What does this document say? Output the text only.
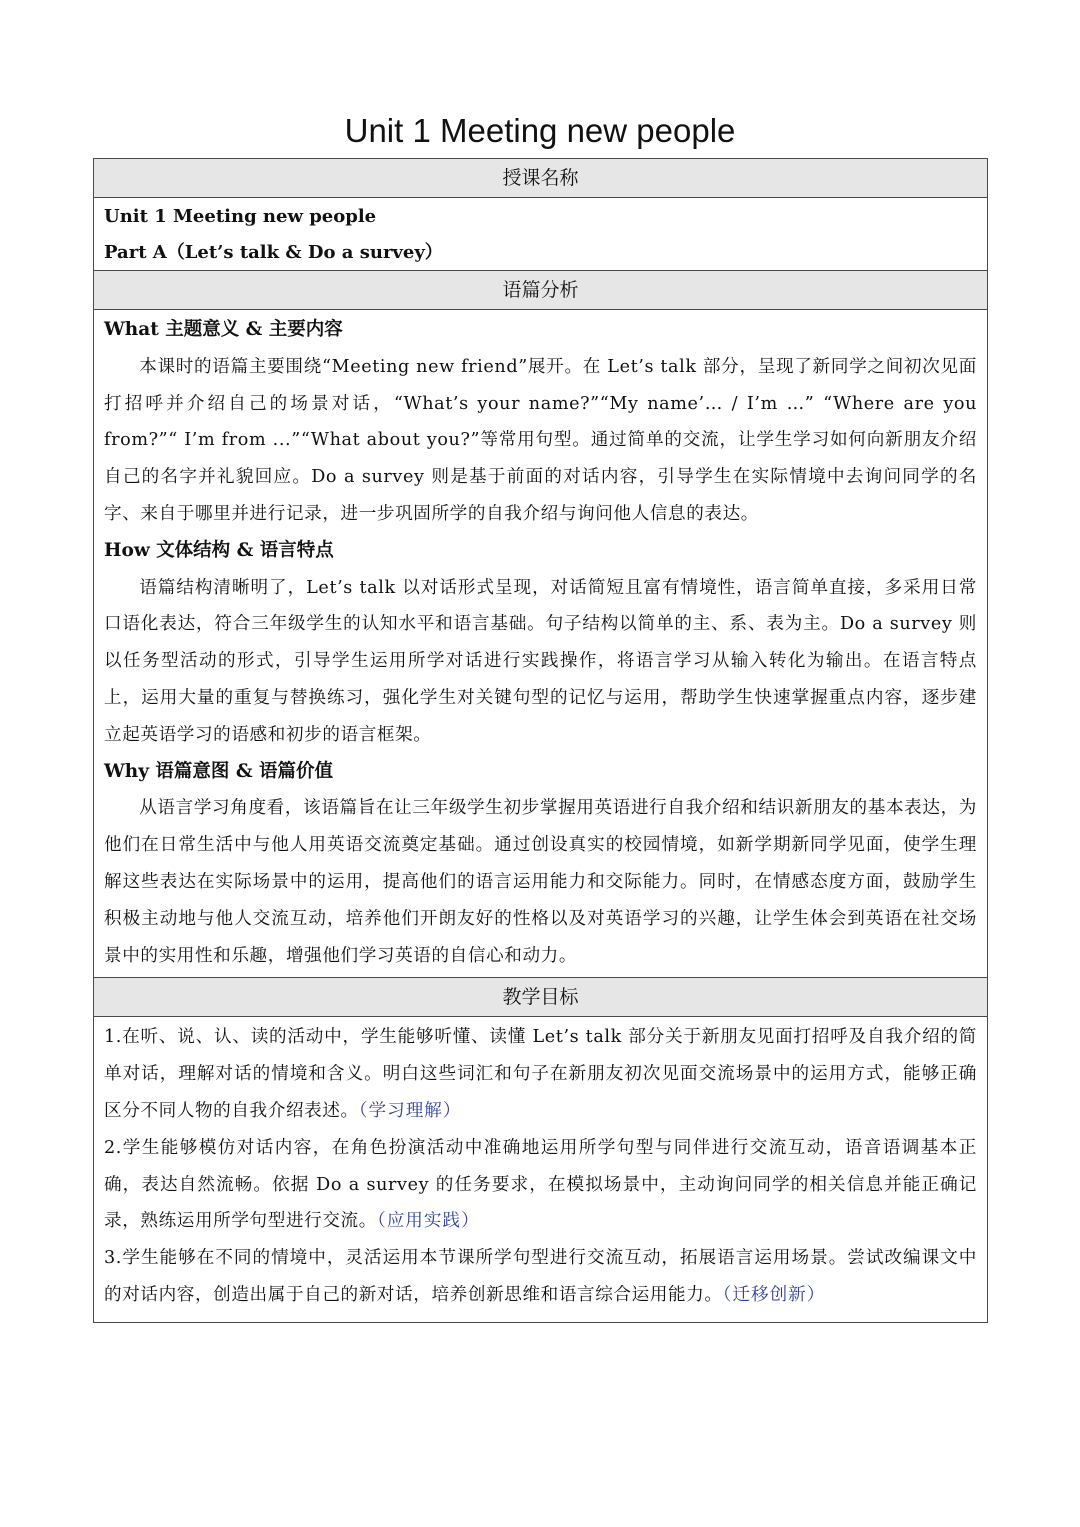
Unit 1 Meeting new people
授课名称

Unit 1 Meeting new people

Part A（Let’s talk & Do a survey）

语篇分析

What 主题意义 & 主要内容

本课时的语篇主要围绕“Meeting new friend”展开。在 Let’s talk 部分，呈现了新同学之间初次见面打招呼并介绍自己的场景对话，“What’s your name?”“My name’… / I’m …” “Where are you from?”“ I’m from ...”“What about you?”等常用句型。通过简单的交流，让学生学习如何向新朋友介绍自己的名字并礼貌回应。Do a survey 则是基于前面的对话内容，引导学生在实际情境中去询问同学的名字、来自于哪里并进行记录，进一步巩固所学的自我介绍与询问他人信息的表达。

How 文体结构 & 语言特点

语篇结构清晰明了，Let’s talk 以对话形式呈现，对话简短且富有情境性，语言简单直接，多采用日常口语化表达，符合三年级学生的认知水平和语言基础。句子结构以简单的主、系、表为主。Do a survey 则以任务型活动的形式，引导学生运用所学对话进行实践操作，将语言学习从输入转化为输出。在语言特点上，运用大量的重复与替换练习，强化学生对关键句型的记忆与运用，帮助学生快速掌握重点内容，逐步建立起英语学习的语感和初步的语言框架。

Why 语篇意图 & 语篇价值

从语言学习角度看，该语篇旨在让三年级学生初步掌握用英语进行自我介绍和结识新朋友的基本表达，为他们在日常生活中与他人用英语交流奠定基础。通过创设真实的校园情境，如新学期新同学见面，使学生理解这些表达在实际场景中的运用，提高他们的语言运用能力和交际能力。同时，在情感态度方面，鼓励学生积极主动地与他人交流互动，培养他们开朗友好的性格以及对英语学习的兴趣，让学生体会到英语在社交场景中的实用性和乐趣，增强他们学习英语的自信心和动力。

教学目标

1.在听、说、认、读的活动中，学生能够听懂、读懂 Let’s talk 部分关于新朋友见面打招呼及自我介绍的简单对话，理解对话的情境和含义。明白这些词汇和句子在新朋友初次见面交流场景中的运用方式，能够正确区分不同人物的自我介绍表述。（学习理解）

2.学生能够模仿对话内容，在角色扮演活动中准确地运用所学句型与同伴进行交流互动，语音语调基本正确，表达自然流畅。依据 Do a survey 的任务要求，在模拟场景中，主动询问同学的相关信息并能正确记录，熟练运用所学句型进行交流。（应用实践）

3.学生能够在不同的情境中，灵活运用本节课所学句型进行交流互动，拓展语言运用场景。尝试改编课文中的对话内容，创造出属于自己的新对话，培养创新思维和语言综合运用能力。（迁移创新）
